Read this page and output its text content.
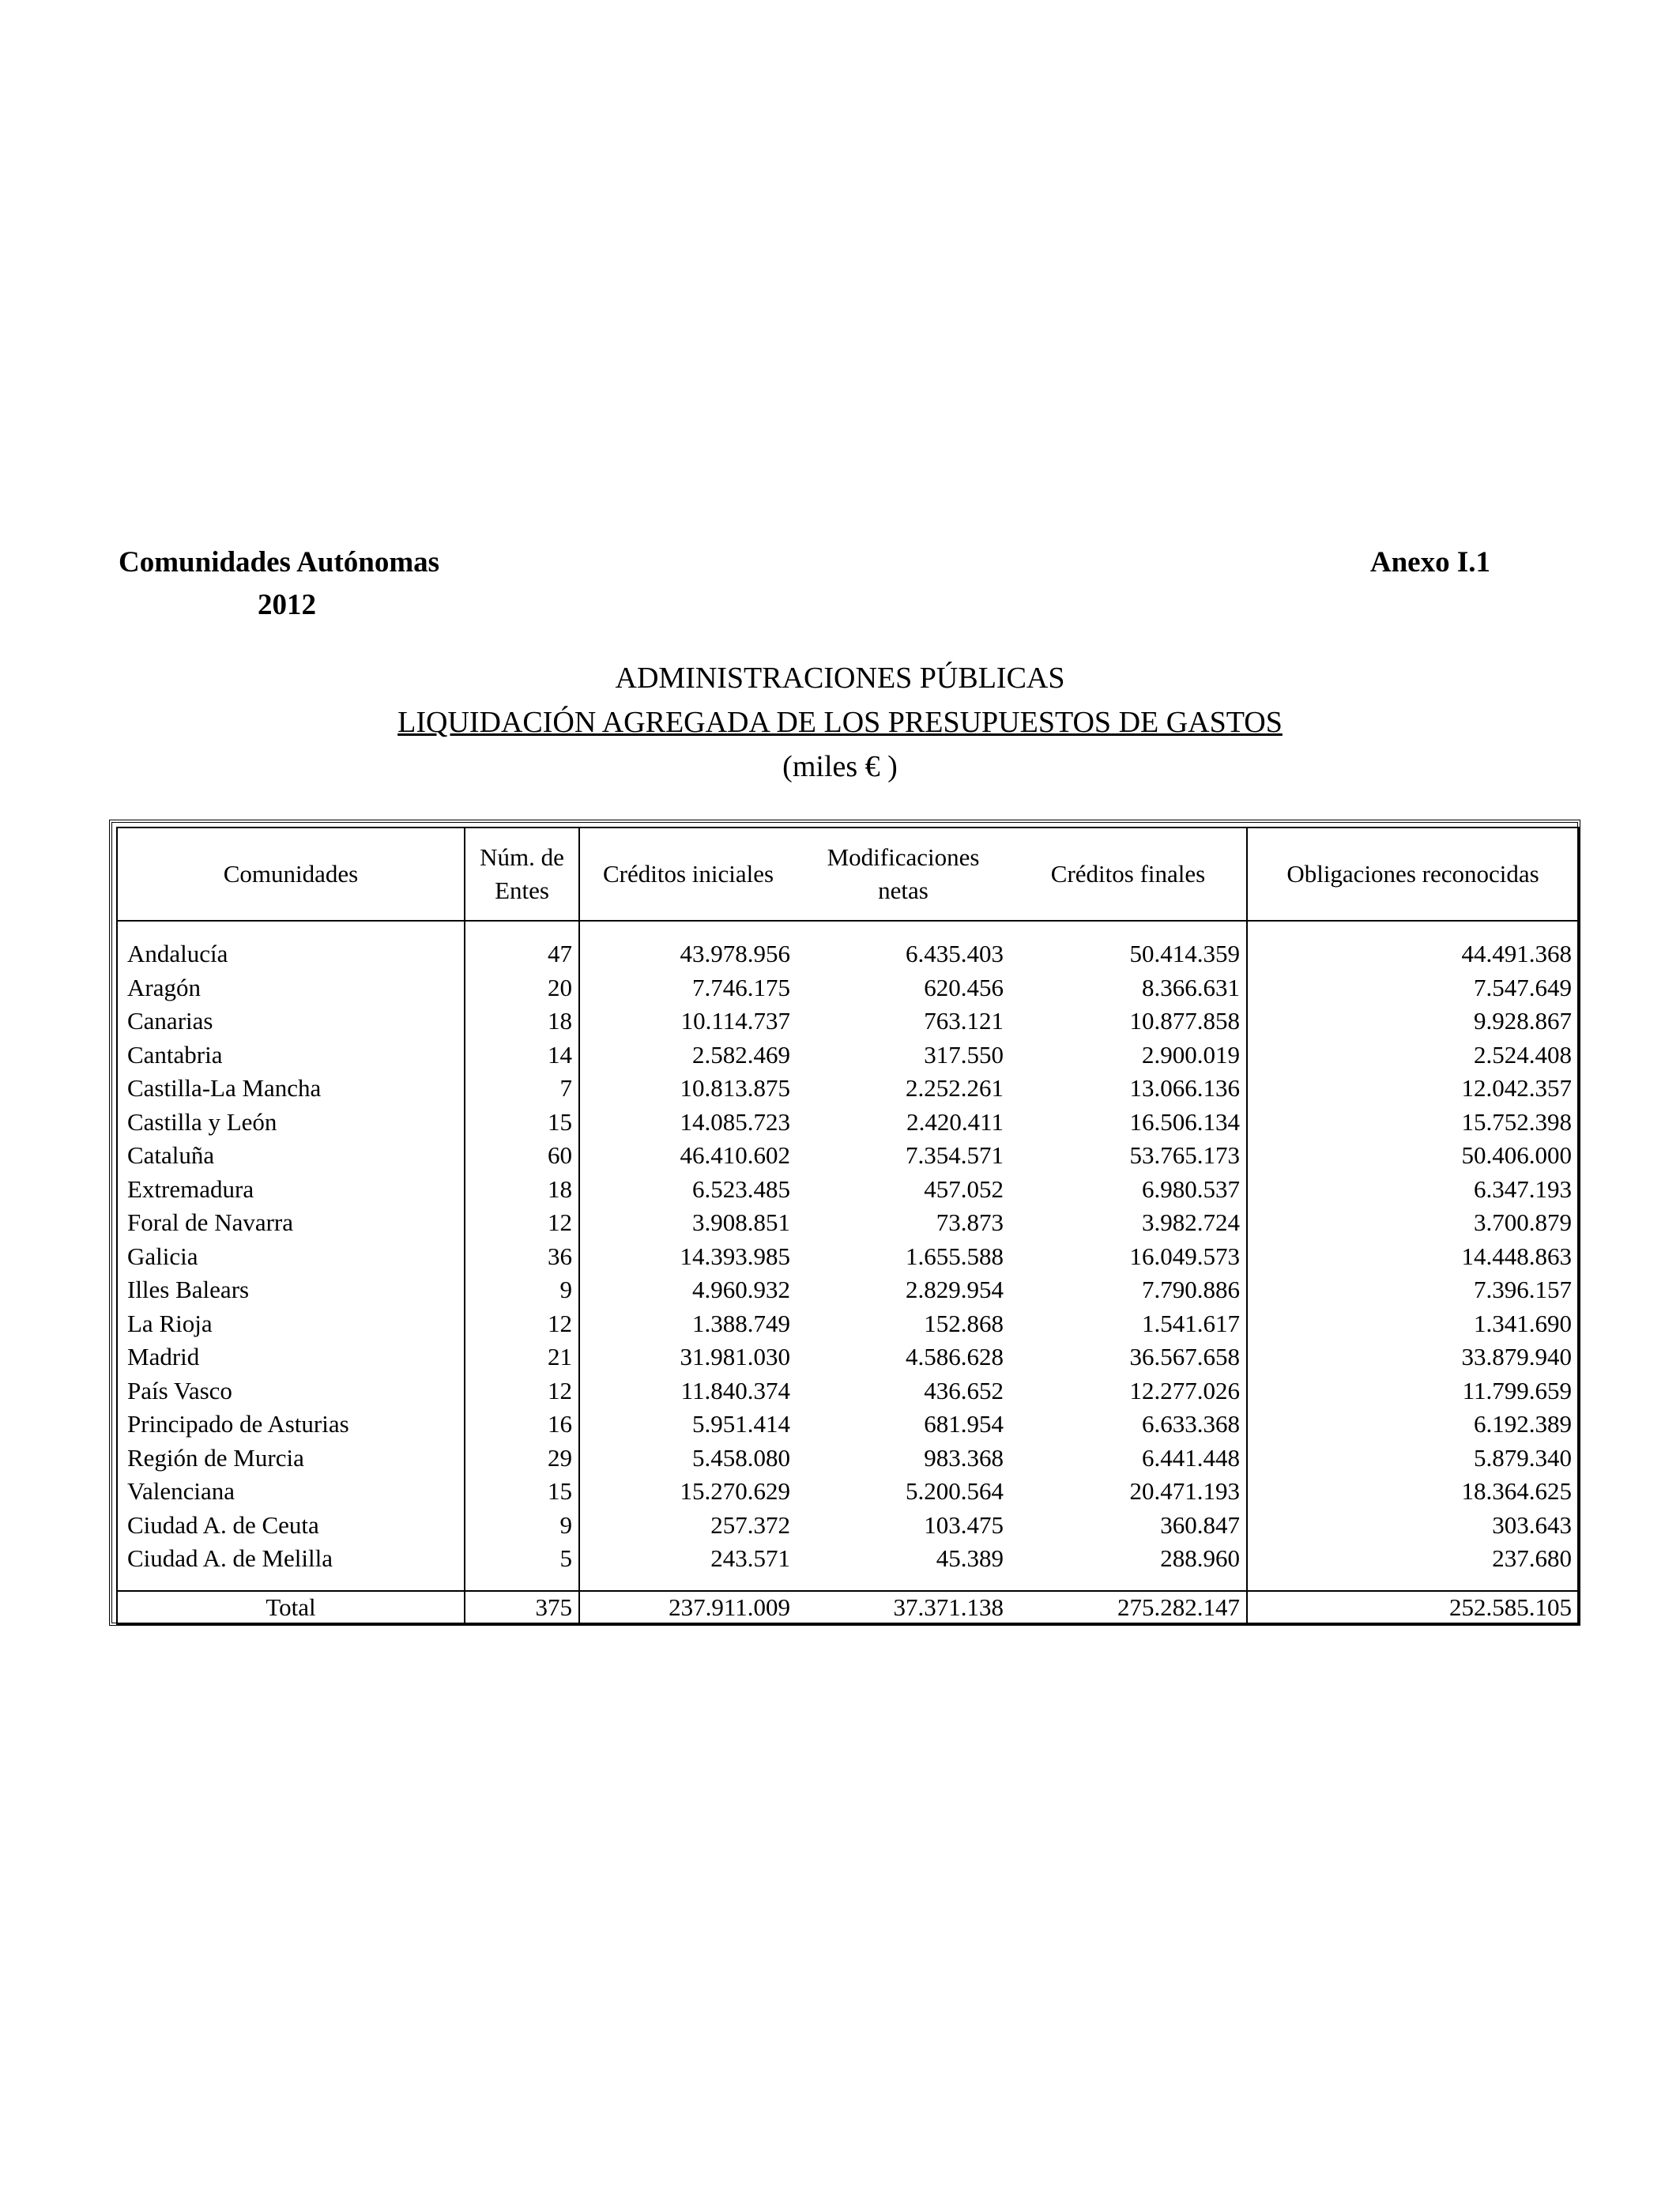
Comunidades Autónomas
2012
Anexo I.1
ADMINISTRACIONES PÚBLICAS
LIQUIDACIÓN AGREGADA DE LOS PRESUPUESTOS DE GASTOS
(miles € )
Comunidades	Núm. de Entes	Créditos iniciales	Modificaciones netas	Créditos finales	Obligaciones reconocidas

Andalucía	47	43.978.956	6.435.403	50.414.359	44.491.368
Aragón	20	7.746.175	620.456	8.366.631	7.547.649
Canarias	18	10.114.737	763.121	10.877.858	9.928.867
Cantabria	14	2.582.469	317.550	2.900.019	2.524.408
Castilla-La Mancha	7	10.813.875	2.252.261	13.066.136	12.042.357
Castilla y León	15	14.085.723	2.420.411	16.506.134	15.752.398
Cataluña	60	46.410.602	7.354.571	53.765.173	50.406.000
Extremadura	18	6.523.485	457.052	6.980.537	6.347.193
Foral de Navarra	12	3.908.851	73.873	3.982.724	3.700.879
Galicia	36	14.393.985	1.655.588	16.049.573	14.448.863
Illes Balears	9	4.960.932	2.829.954	7.790.886	7.396.157
La Rioja	12	1.388.749	152.868	1.541.617	1.341.690
Madrid	21	31.981.030	4.586.628	36.567.658	33.879.940
País Vasco	12	11.840.374	436.652	12.277.026	11.799.659
Principado de Asturias	16	5.951.414	681.954	6.633.368	6.192.389
Región de Murcia	29	5.458.080	983.368	6.441.448	5.879.340
Valenciana	15	15.270.629	5.200.564	20.471.193	18.364.625
Ciudad A. de Ceuta	9	257.372	103.475	360.847	303.643
Ciudad A. de Melilla	5	243.571	45.389	288.960	237.680

Total	375	237.911.009	37.371.138	275.282.147	252.585.105
